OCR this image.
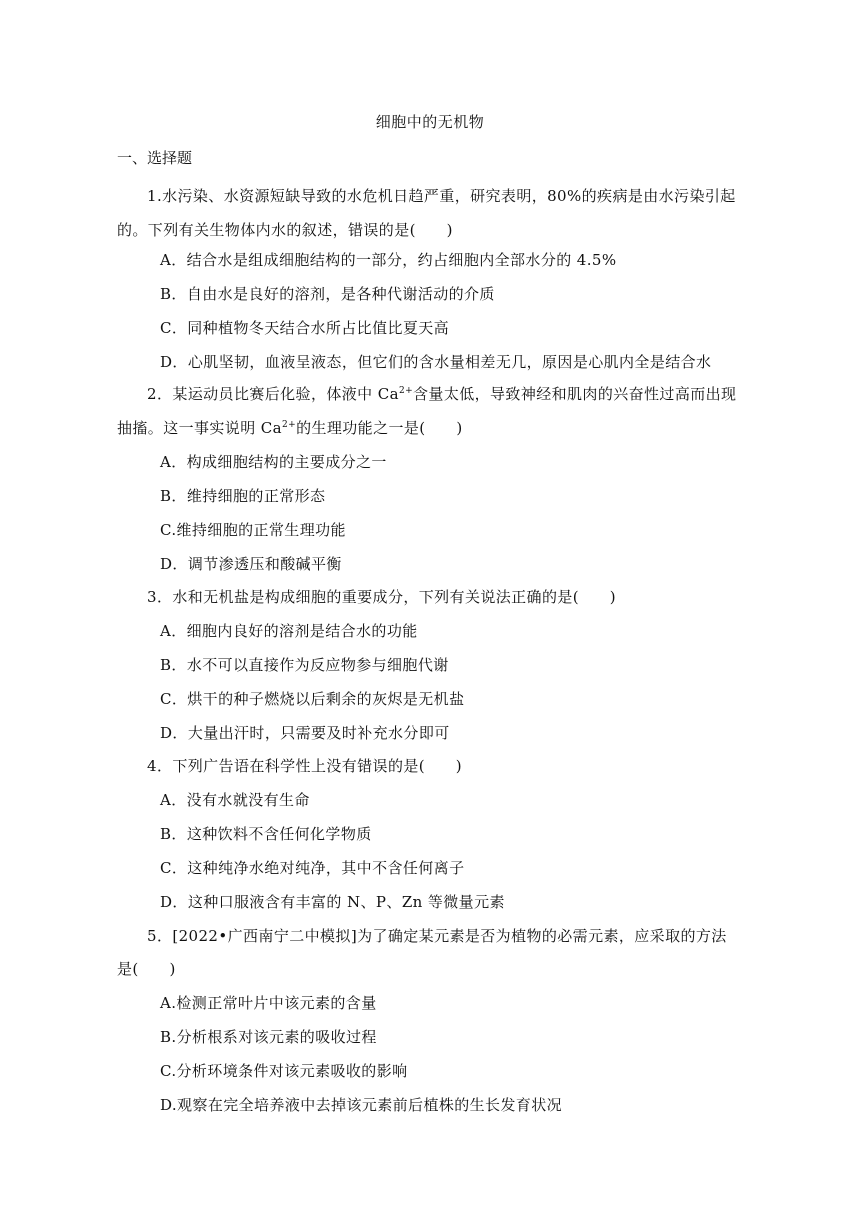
细胞中的无机物
一、选择题
1.水污染、水资源短缺导致的水危机日趋严重，研究表明，80%的疾病是由水污染引起
的。下列有关生物体内水的叙述，错误的是(　　)
A．结合水是组成细胞结构的一部分，约占细胞内全部水分的 4.5%
B．自由水是良好的溶剂，是各种代谢活动的介质
C．同种植物冬天结合水所占比值比夏天高
D．心肌坚韧，血液呈液态，但它们的含水量相差无几，原因是心肌内全是结合水
2．某运动员比赛后化验，体液中 $Ca^{2+}$含量太低，导致神经和肌肉的兴奋性过高而出现
抽搐。这一事实说明 $Ca^{2+}$的生理功能之一是(　　)
A．构成细胞结构的主要成分之一
B．维持细胞的正常形态
C.维持细胞的正常生理功能
D．调节渗透压和酸碱平衡
3．水和无机盐是构成细胞的重要成分，下列有关说法正确的是(　　)
A．细胞内良好的溶剂是结合水的功能
B．水不可以直接作为反应物参与细胞代谢
C．烘干的种子燃烧以后剩余的灰烬是无机盐
D．大量出汗时，只需要及时补充水分即可
4．下列广告语在科学性上没有错误的是(　　)
A．没有水就没有生命
B．这种饮料不含任何化学物质
C．这种纯净水绝对纯净，其中不含任何离子
D．这种口服液含有丰富的 N、P、Zn 等微量元素
5．[2022•广西南宁二中模拟]为了确定某元素是否为植物的必需元素，应采取的方法
是(　　)
A.检测正常叶片中该元素的含量
B.分析根系对该元素的吸收过程
C.分析环境条件对该元素吸收的影响
D.观察在完全培养液中去掉该元素前后植株的生长发育状况
